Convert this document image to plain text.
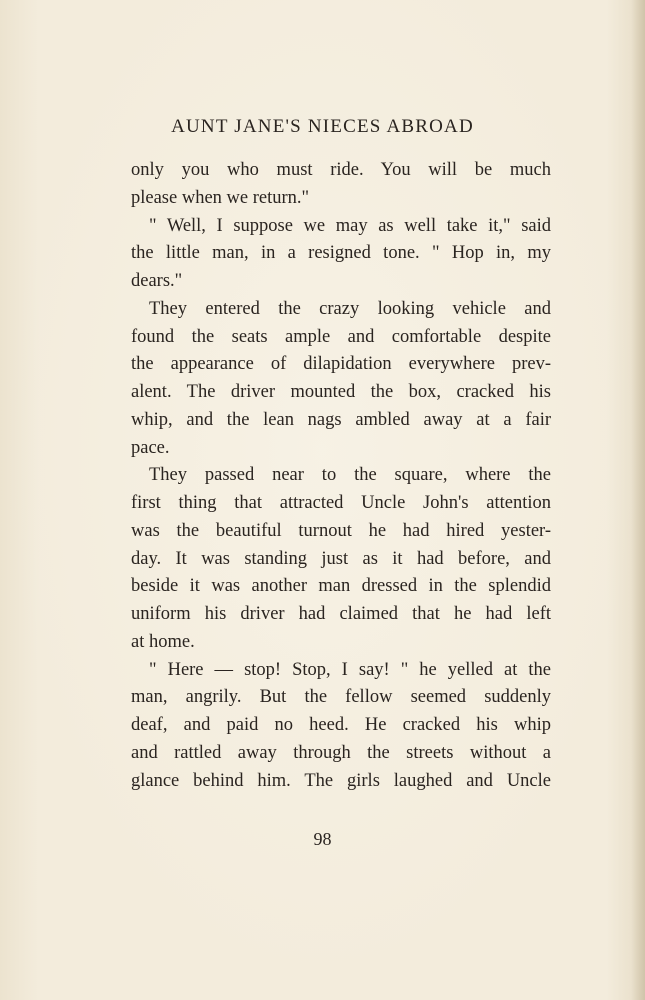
AUNT JANE'S NIECES ABROAD
only you who must ride. You will be much
please when we return."
" Well, I suppose we may as well take it," said
the little man, in a resigned tone. " Hop in, my
dears."
They entered the crazy looking vehicle and
found the seats ample and comfortable despite
the appearance of dilapidation everywhere prev-
alent. The driver mounted the box, cracked his
whip, and the lean nags ambled away at a fair
pace.
They passed near to the square, where the
first thing that attracted Uncle John's attention
was the beautiful turnout he had hired yester-
day. It was standing just as it had before, and
beside it was another man dressed in the splendid
uniform his driver had claimed that he had left
at home.
" Here — stop! Stop, I say! " he yelled at the
man, angrily. But the fellow seemed suddenly
deaf, and paid no heed. He cracked his whip
and rattled away through the streets without a
glance behind him. The girls laughed and Uncle
98
